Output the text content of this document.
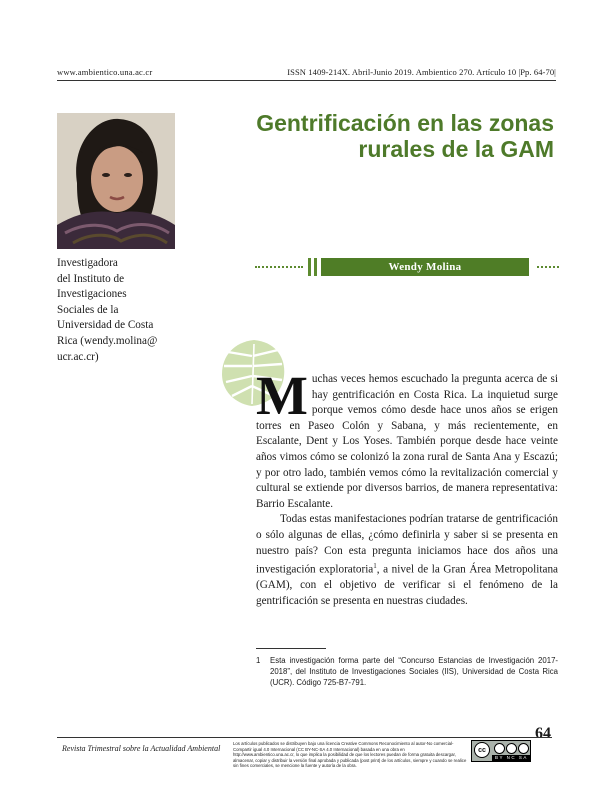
www.ambientico.una.ac.cr	ISSN 1409-214X. Abril-Junio 2019. Ambientico 270. Artículo 10 |Pp. 64-70|
Gentrificación en las zonas
rurales de la GAM
Investigadora
del Instituto de
Investigaciones
Sociales de la
Universidad de Costa
Rica (wendy.molina@
ucr.ac.cr)
Wendy Molina

Muchas veces hemos escuchado la pregunta acerca de si hay gentrificación en Costa Rica. La inquietud surge porque vemos cómo desde hace unos años se erigen torres en Paseo Colón y Sabana, y más recientemente, en Escalante, Dent y Los Yoses. También porque desde hace veinte años vimos cómo se colonizó la zona rural de Santa Ana y Escazú; y por otro lado, también vemos cómo la revitalización comercial y cultural se extiende por diversos barrios, de manera representativa: Barrio Escalante.

Todas estas manifestaciones podrían tratarse de gentrificación o sólo algunas de ellas, ¿cómo definirla y saber si se presenta en nuestro país? Con esta pregunta iniciamos hace dos años una investigación exploratoria$^1$, a nivel de la Gran Área Metropolitana (GAM), con el objetivo de verificar si el fenómeno de la gentrificación se presenta en nuestras ciudades.

1	Esta investigación forma parte del “Concurso Estancias de Investigación 2017-2018”, del Instituto de Investigaciones Sociales (IIS), Universidad de Costa Rica (UCR). Código 725-B7-791.
64
Revista Trimestral sobre la Actualidad Ambiental
Los artículos publicados se distribuyen bajo una licencia Creative Commons Reconocimiento al autor-No comercial-Compartir igual 4.0 Internacional (CC BY-NC-SA 4.0 Internacional) basada en una obra en http://www.ambientico.una.ac.cr, lo que implica la posibilidad de que los lectores puedan de forma gratuita descargar, almacenar, copiar y distribuir la versión final aprobada y publicada (post print) de los artículos, siempre y cuando se realice sin fines comerciales, se mencione la fuente y autoría de la obra.
cc
BY NC SA
